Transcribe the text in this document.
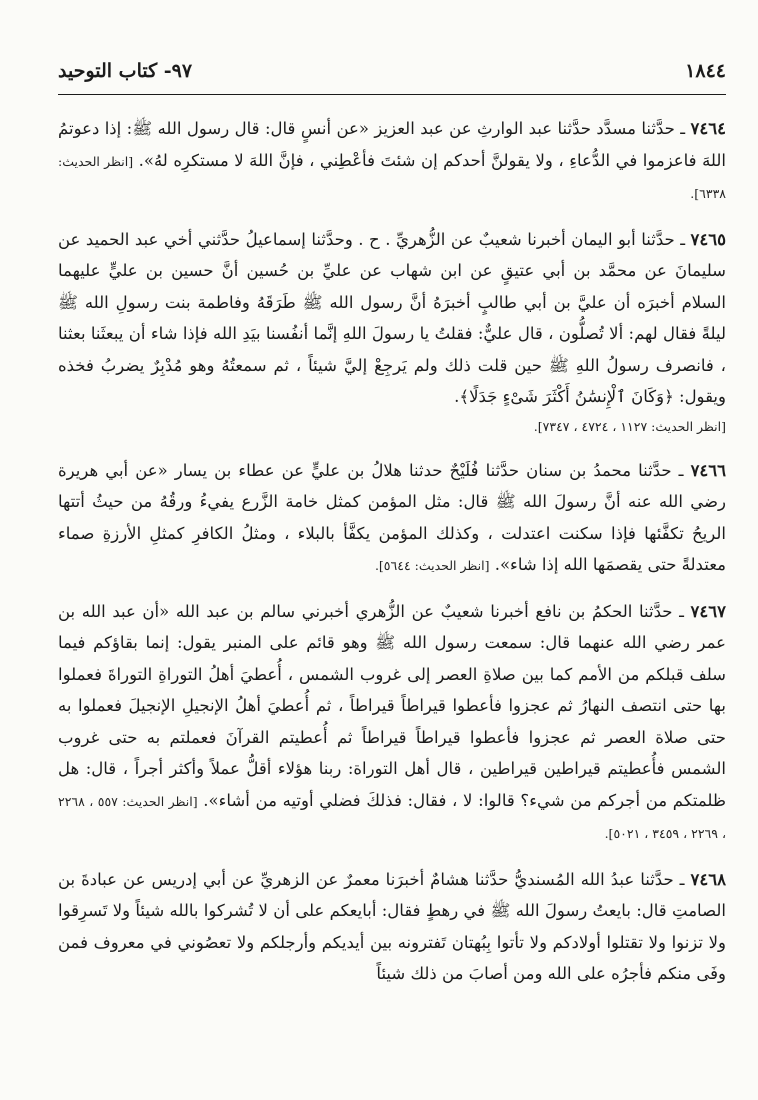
١٨٤٤
٩٧- كتاب التوحيد

٧٤٦٤ ـ حدَّثنا مسدَّد حدَّثنا عبد الوارثِ عن عبد العزيز «عن أنسٍ قال: قال رسول الله ﷺ: إذا دعوتمُ اللهَ فاعزموا في الدُّعاءِ ، ولا يقولنَّ أحدكم إن شئتَ فأعْطِني ، فإنَّ اللهَ لا مستكرِه لهُ». [انظر الحديث: ٦٣٣٨].

٧٤٦٥ ـ حدَّثنا أبو اليمان أخبرنا شعيبٌ عن الزُّهريِّ . ح . وحدَّثنا إسماعيلُ حدَّثني أخي عبد الحميد عن سليمانَ عن محمَّد بن أبي عتيقٍ عن ابن شهاب عن عليِّ بن حُسين أنَّ حسين بن عليٍّ عليهما السلام أخبرَه أن عليَّ بن أبي طالبٍ أخبرَهُ أنَّ رسول الله ﷺ طَرَقَهُ وفاطمة بنت رسولِ الله ﷺ ليلةً فقال لهم: ألا تُصلُّون ، قال عليٌّ: فقلتُ يا رسولَ اللهِ إنَّما أنفُسنا بيَدِ الله فإذا شاء أن يبعثَنا بعثنا ، فانصرف رسولُ اللهِ ﷺ حين قلت ذلك ولم يَرجِعْ إليَّ شيئاً ، ثم سمعتُهُ وهو مُدْبِرٌ يضربُ فخذه ويقول: ﴿وَكَانَ ٱلْإِنسَٰنُ أَكْثَرَ شَىْءٍ جَدَلًا﴾.

[انظر الحديث: ١١٢٧ ، ٤٧٢٤ ، ٧٣٤٧].

٧٤٦٦ ـ حدَّثنا محمدُ بن سنان حدَّثنا فُلَيْحٌ حدثنا هلالُ بن عليٍّ عن عطاء بن يسار «عن أبي هريرة رضي الله عنه أنَّ رسولَ الله ﷺ قال: مثل المؤمن كمثل خامة الزَّرع يفيءُ ورقُهُ من حيثُ أتتها الريحُ تكفَّئها فإذا سكنت اعتدلت ، وكذلك المؤمن يكفَّأ بالبلاء ، ومثلُ الكافرِ كمثلِ الأرزةِ صماء معتدلةً حتى يقصمَها الله إذا شاء». [انظر الحديث: ٥٦٤٤].

٧٤٦٧ ـ حدَّثنا الحكمُ بن نافع أخبرنا شعيبٌ عن الزُّهري أخبرني سالم بن عبد الله «أن عبد الله بن عمر رضي الله عنهما قال: سمعت رسول الله ﷺ وهو قائم على المنبر يقول: إنما بقاؤكم فيما سلف قبلكم من الأمم كما بين صلاةِ العصر إلى غروب الشمس ، أُعطيَ أهلُ التوراةِ التوراةَ فعملوا بها حتى انتصف النهارُ ثم عجزوا فأعطوا قيراطاً قيراطاً ، ثم أُعطيَ أهلُ الإنجيلِ الإنجيلَ فعملوا به حتى صلاة العصر ثم عجزوا فأعطوا قيراطاً قيراطاً ثم أُعطيتم القرآنَ فعملتم به حتى غروب الشمس فأُعطيتم قيراطين قيراطين ، قال أهل التوراة: ربنا هؤلاء أقلُّ عملاً وأكثر أجراً ، قال: هل ظلمتكم من أجركم من شيء؟ قالوا: لا ، فقال: فذلكَ فضلي أوتيه من أشاء». [انظر الحديث: ٥٥٧ ، ٢٢٦٨ ، ٢٢٦٩ ، ٣٤٥٩ ، ٥٠٢١].

٧٤٦٨ ـ حدَّثنا عبدُ الله المُسنديُّ حدَّثنا هشامٌ أخبرَنا معمرٌ عن الزهريِّ عن أبي إدريس عن عبادةَ بن الصامتِ قال: بايعتُ رسولَ الله ﷺ في رهطٍ فقال: أبايعكم على أن لا تُشركوا بالله شيئاً ولا تَسرِقوا ولا تزنوا ولا تقتلوا أولادكم ولا تأتوا بِبُهتان تَفترونه بين أيديكم وأرجلكم ولا تعصُوني في معروف فمن وفَى منكم فأجرُه على الله ومن أصابَ من ذلك شيئاً
